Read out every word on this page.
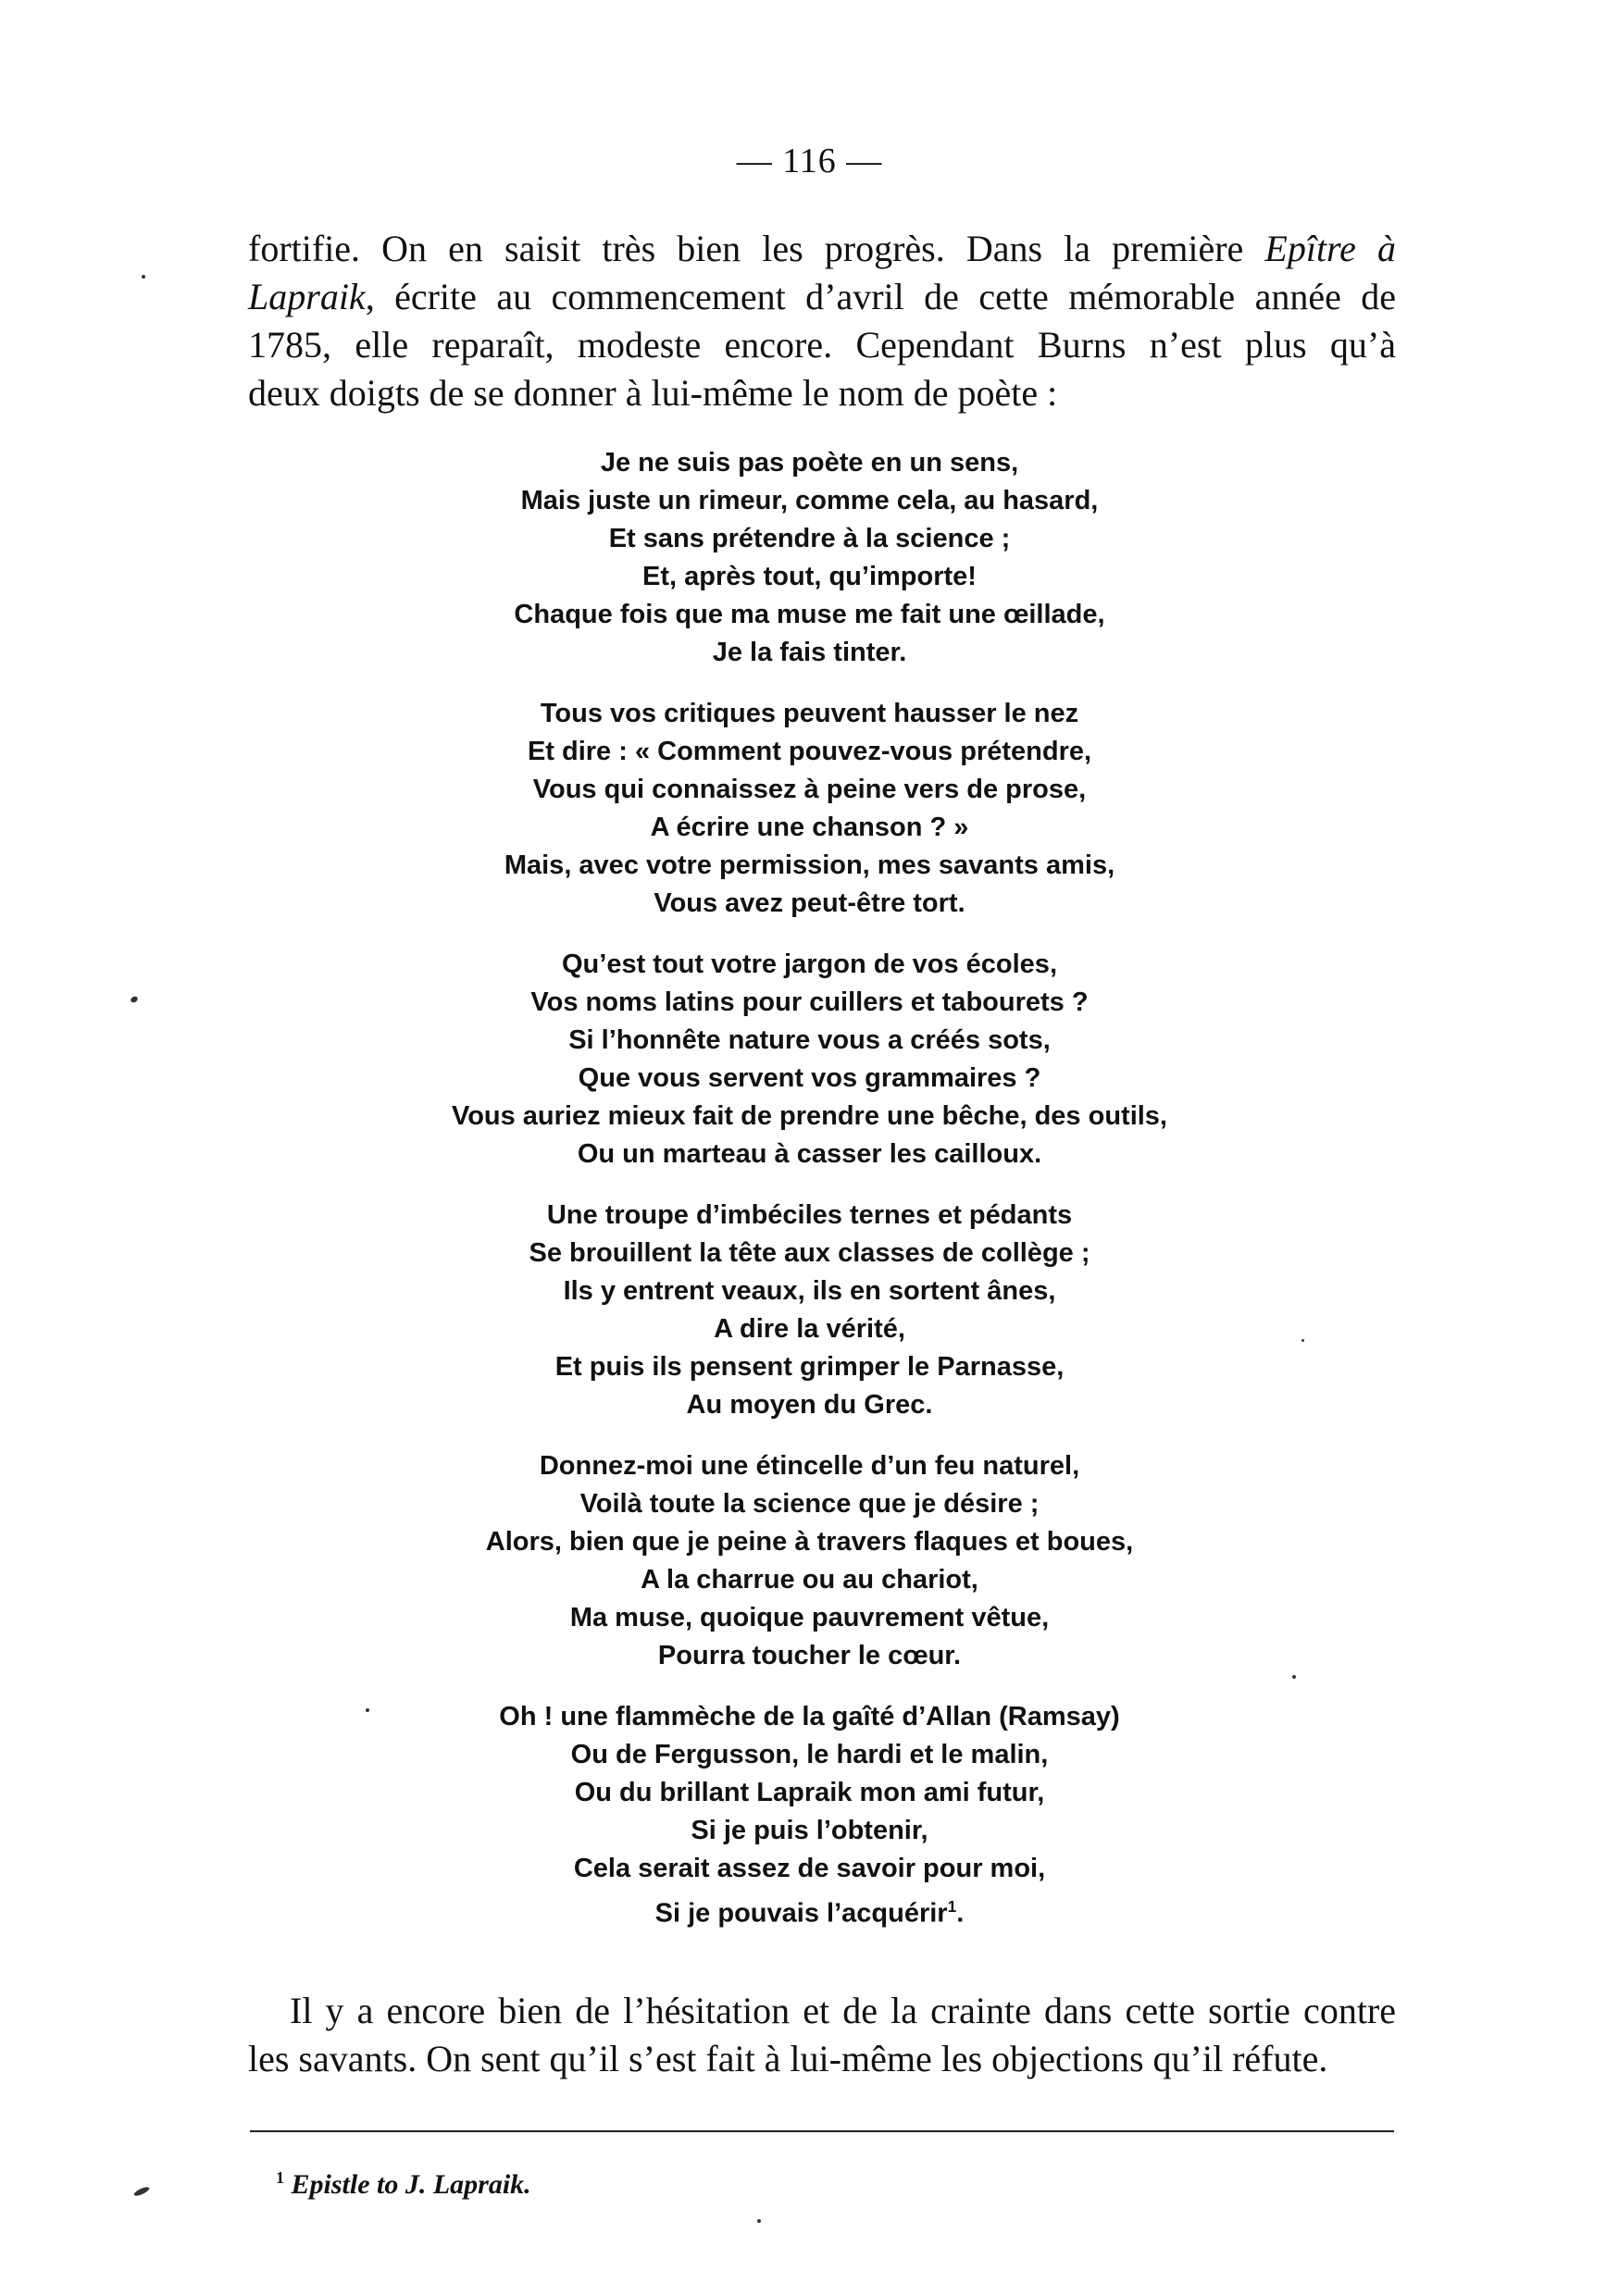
— 116 —
fortifie. On en saisit très bien les progrès. Dans la première Epître à
Lapraik, écrite au commencement d’avril de cette mémorable année de
1785, elle reparaît, modeste encore. Cependant Burns n’est plus qu’à
deux doigts de se donner à lui-même le nom de poète :
Je ne suis pas poète en un sens,
Mais juste un rimeur, comme cela, au hasard,
Et sans prétendre à la science ;
Et, après tout, qu’importe!
Chaque fois que ma muse me fait une œillade,
Je la fais tinter.
Tous vos critiques peuvent hausser le nez
Et dire : « Comment pouvez-vous prétendre,
Vous qui connaissez à peine vers de prose,
A écrire une chanson ? »
Mais, avec votre permission, mes savants amis,
Vous avez peut-être tort.
Qu’est tout votre jargon de vos écoles,
Vos noms latins pour cuillers et tabourets ?
Si l’honnête nature vous a créés sots,
Que vous servent vos grammaires ?
Vous auriez mieux fait de prendre une bêche, des outils,
Ou un marteau à casser les cailloux.
Une troupe d’imbéciles ternes et pédants
Se brouillent la tête aux classes de collège ;
Ils y entrent veaux, ils en sortent ânes,
A dire la vérité,
Et puis ils pensent grimper le Parnasse,
Au moyen du Grec.
Donnez-moi une étincelle d’un feu naturel,
Voilà toute la science que je désire ;
Alors, bien que je peine à travers flaques et boues,
A la charrue ou au chariot,
Ma muse, quoique pauvrement vêtue,
Pourra toucher le cœur.
Oh ! une flammèche de la gaîté d’Allan (Ramsay)
Ou de Fergusson, le hardi et le malin,
Ou du brillant Lapraik mon ami futur,
Si je puis l’obtenir,
Cela serait assez de savoir pour moi,
Si je pouvais l’acquérir$^1$.
Il y a encore bien de l’hésitation et de la crainte dans cette sortie contre
les savants. On sent qu’il s’est fait à lui-même les objections qu’il réfute.
$^1$ Epistle to J. Lapraik.
